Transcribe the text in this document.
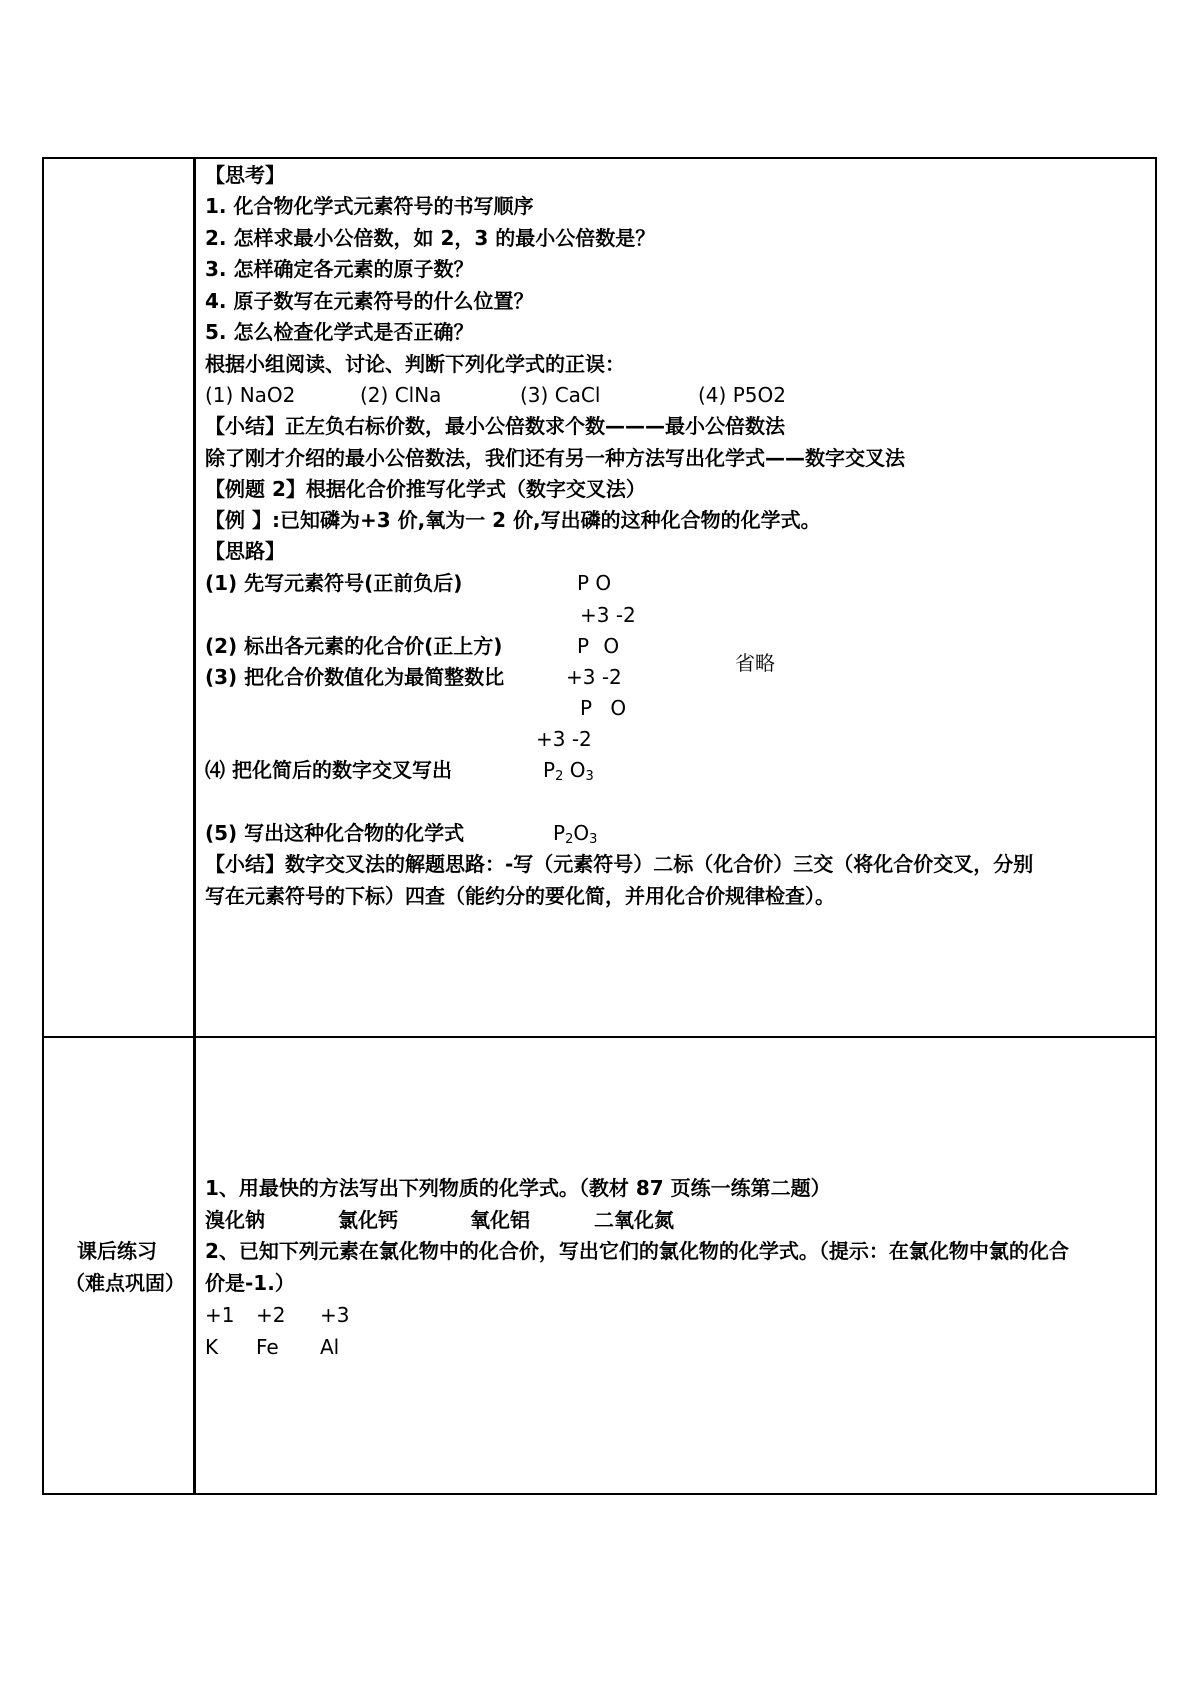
【思考】
1. 化合物化学式元素符号的书写顺序
2. 怎样求最小公倍数，如 2，3 的最小公倍数是？
3. 怎样确定各元素的原子数？
4. 原子数写在元素符号的什么位置？
5. 怎么检查化学式是否正确？
根据小组阅读、讨论、判断下列化学式的正误：
(1) NaO2	(2) ClNa	(3) CaCl	(4) P5O2
【小结】正左负右标价数，最小公倍数求个数———最小公倍数法
除了刚才介绍的最小公倍数法，我们还有另一种方法写出化学式——数字交叉法
【例题 2】根据化合价推写化学式（数字交叉法）
【例 】:已知磷为+3 价,氧为一 2 价,写出磷的这种化合物的化学式。
【思路】
(1) 先写元素符号(正前负后)	P O
+3 -2
(2) 标出各元素的化合价(正上方)	P O
省略
(3) 把化合价数值化为最简整数比	+3 -2
P O
+3 -2
⑷ 把化简后的数字交叉写出	P2 O3
(5) 写出这种化合物的化学式	P2O3
【小结】数字交叉法的解题思路：-写（元素符号）二标（化合价）三交（将化合价交叉，分别
写在元素符号的下标）四查（能约分的要化简，并用化合价规律检查）。
课后练习
（难点巩固）
1、用最快的方法写出下列物质的化学式。（教材 87 页练一练第二题）
溴化钠	氯化钙	氧化铝	二氧化氮
2、已知下列元素在氯化物中的化合价，写出它们的氯化物的化学式。（提示：在氯化物中氯的化合
价是-1.）
+1 +2 +3
K Fe Al
